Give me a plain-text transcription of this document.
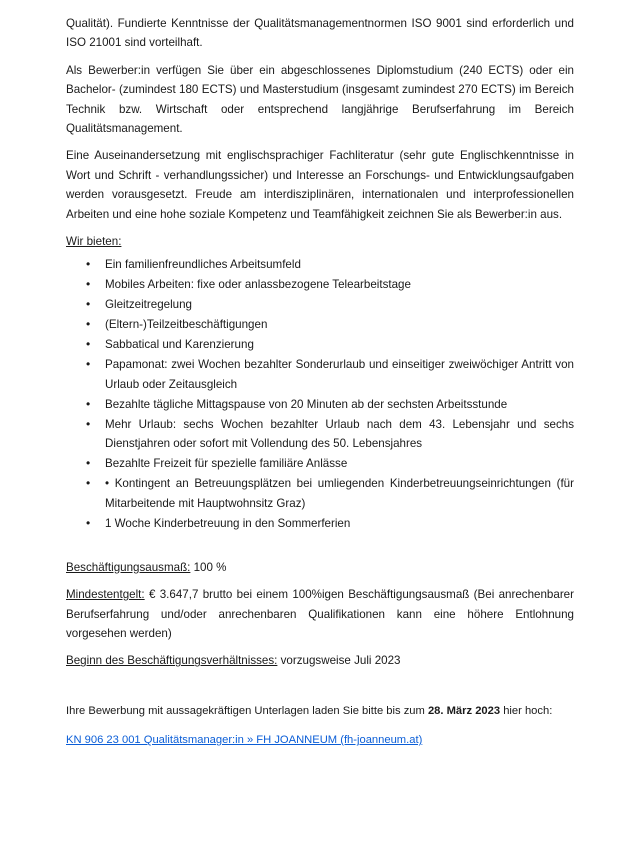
Qualität). Fundierte Kenntnisse der Qualitätsmanagementnormen ISO 9001 sind erforderlich und ISO 21001 sind vorteilhaft.

Als Bewerber:in verfügen Sie über ein abgeschlossenes Diplomstudium (240 ECTS) oder ein Bachelor- (zumindest 180 ECTS) und Masterstudium (insgesamt zumindest 270 ECTS) im Bereich Technik bzw. Wirtschaft oder entsprechend langjährige Berufserfahrung im Bereich Qualitätsmanagement.

Eine Auseinandersetzung mit englischsprachiger Fachliteratur (sehr gute Englischkenntnisse in Wort und Schrift - verhandlungssicher) und Interesse an Forschungs- und Entwicklungsaufgaben werden vorausgesetzt. Freude am interdisziplinären, internationalen und interprofessionellen Arbeiten und eine hohe soziale Kompetenz und Teamfähigkeit zeichnen Sie als Bewerber:in aus.

Wir bieten:

• Ein familienfreundliches Arbeitsumfeld
• Mobiles Arbeiten: fixe oder anlassbezogene Telearbeitstage
• Gleitzeitregelung
• (Eltern-)Teilzeitbeschäftigungen
• Sabbatical und Karenzierung
• Papamonat: zwei Wochen bezahlter Sonderurlaub und einseitiger zweiwöchiger Antritt von Urlaub oder Zeitausgleich
• Bezahlte tägliche Mittagspause von 20 Minuten ab der sechsten Arbeitsstunde
• Mehr Urlaub: sechs Wochen bezahlter Urlaub nach dem 43. Lebensjahr und sechs Dienstjahren oder sofort mit Vollendung des 50. Lebensjahres
• Bezahlte Freizeit für spezielle familiäre Anlässe
• • Kontingent an Betreuungsplätzen bei umliegenden Kinderbetreuungseinrichtungen (für Mitarbeitende mit Hauptwohnsitz Graz)
• 1 Woche Kinderbetreuung in den Sommerferien

Beschäftigungsausmaß: 100 %

Mindestentgelt: € 3.647,7 brutto bei einem 100%igen Beschäftigungsausmaß (Bei anrechenbarer Berufserfahrung und/oder anrechenbaren Qualifikationen kann eine höhere Entlohnung vorgesehen werden)

Beginn des Beschäftigungsverhältnisses: vorzugsweise Juli 2023

Ihre Bewerbung mit aussagekräftigen Unterlagen laden Sie bitte bis zum 28. März 2023 hier hoch:

KN 906 23 001 Qualitätsmanager:in » FH JOANNEUM (fh-joanneum.at)
